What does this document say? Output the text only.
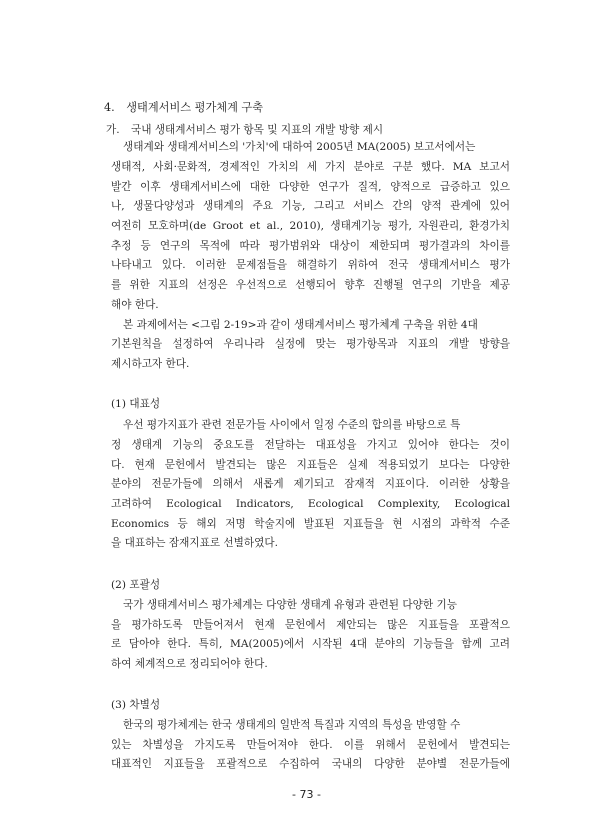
4. 생태계서비스 평가체계 구축
가. 국내 생태계서비스 평가 항목 및 지표의 개발 방향 제시
생태계와 생태계서비스의 '가치'에 대하여 2005년 MA(2005) 보고서에서는
생태적, 사회·문화적, 경제적인 가치의 세 가지 분야로 구분 했다. MA 보고서
발간 이후 생태계서비스에 대한 다양한 연구가 질적, 양적으로 급증하고 있으
나, 생물다양성과 생태계의 주요 기능, 그리고 서비스 간의 양적 관계에 있어
여전히 모호하며(de Groot et al., 2010), 생태계기능 평가, 자원관리, 환경가치
추정 등 연구의 목적에 따라 평가범위와 대상이 제한되며 평가결과의 차이를
나타내고 있다. 이러한 문제점들을 해결하기 위하여 전국 생태계서비스 평가
를 위한 지표의 선정은 우선적으로 선행되어 향후 진행될 연구의 기반을 제공
해야 한다.
본 과제에서는 <그림 2-19>과 같이 생태계서비스 평가체계 구축을 위한 4대
기본원칙을 설정하여 우리나라 실정에 맞는 평가항목과 지표의 개발 방향을
제시하고자 한다.
(1) 대표성
우선 평가지표가 관련 전문가들 사이에서 일정 수준의 합의를 바탕으로 특
정 생태계 기능의 중요도를 전달하는 대표성을 가지고 있어야 한다는 것이
다. 현재 문헌에서 발견되는 많은 지표들은 실제 적용되었기 보다는 다양한
분야의 전문가들에 의해서 새롭게 제기되고 잠재적 지표이다. 이러한 상황을
고려하여 Ecological Indicators, Ecological Complexity, Ecological
Economics 등 해외 저명 학술지에 발표된 지표들을 현 시점의 과학적 수준
을 대표하는 잠재지표로 선별하였다.
(2) 포괄성
국가 생태계서비스 평가체계는 다양한 생태계 유형과 관련된 다양한 기능
을 평가하도록 만들어져서 현재 문헌에서 제안되는 많은 지표들을 포괄적으
로 담아야 한다. 특히, MA(2005)에서 시작된 4대 분야의 기능들을 함께 고려
하여 체계적으로 정리되어야 한다.
(3) 차별성
한국의 평가체계는 한국 생태계의 일반적 특질과 지역의 특성을 반영할 수
있는 차별성을 가지도록 만들어져야 한다. 이를 위해서 문헌에서 발견되는
대표적인 지표들을 포괄적으로 수집하여 국내의 다양한 분야별 전문가들에
- 73 -
